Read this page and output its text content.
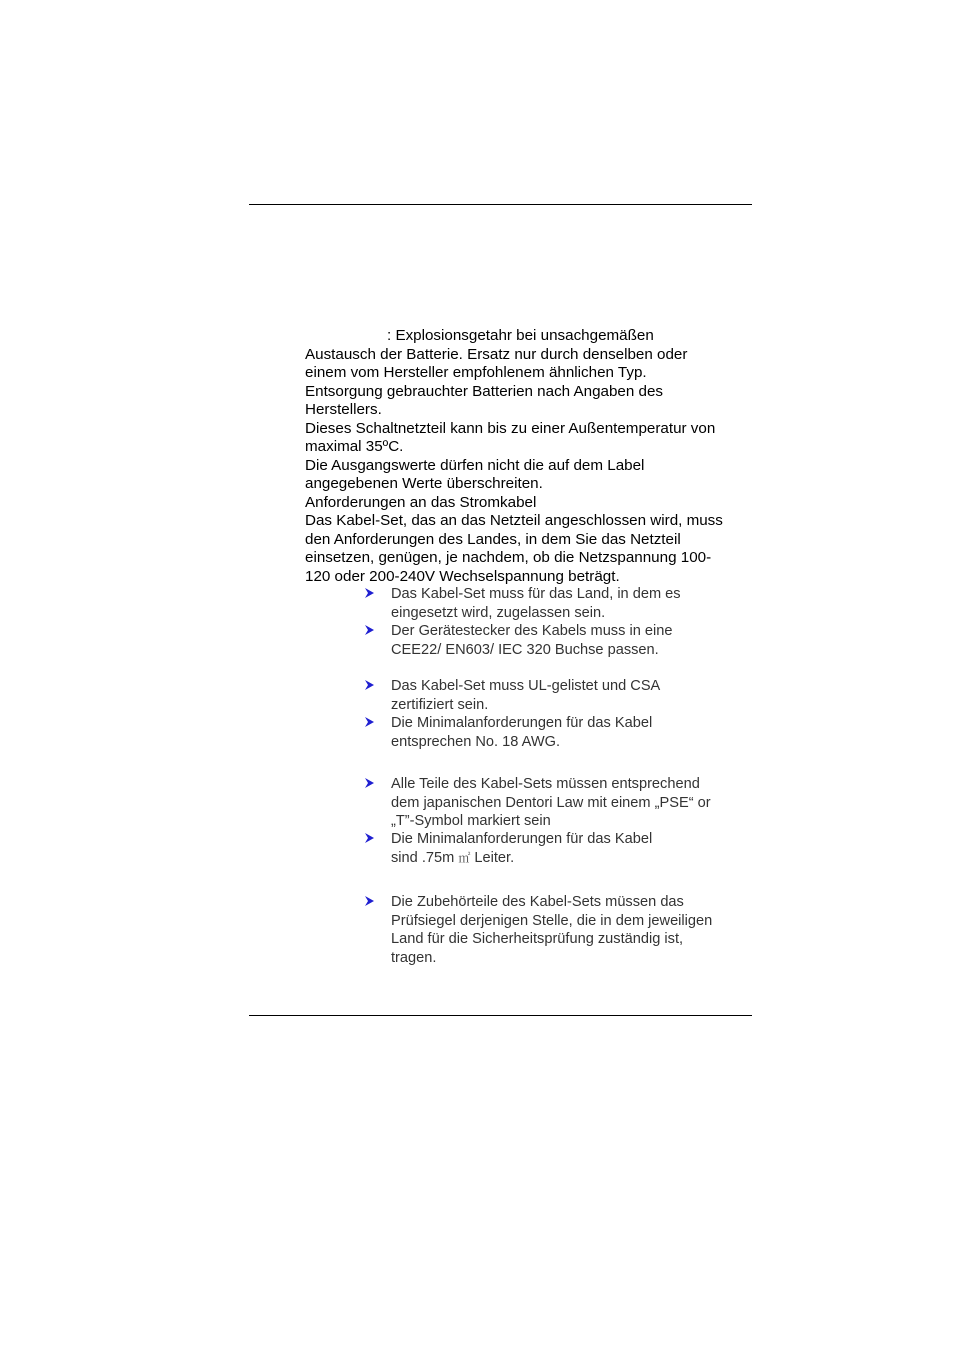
: Explosionsgetahr bei unsachgemäßen
Austausch der Batterie. Ersatz nur durch denselben oder
einem vom Hersteller empfohlenem ähnlichen Typ.
Entsorgung gebrauchter Batterien nach Angaben des
Herstellers.
Dieses Schaltnetzteil kann bis zu einer Außentemperatur von
maximal 35ºC.
Die Ausgangswerte dürfen nicht die auf dem Label
angegebenen Werte überschreiten.
Anforderungen an das Stromkabel
Das Kabel-Set, das an das Netzteil angeschlossen wird, muss
den Anforderungen des Landes, in dem Sie das Netzteil
einsetzen, genügen, je nachdem, ob die Netzspannung 100-
120 oder 200-240V Wechselspannung beträgt.
Das Kabel-Set muss für das Land, in dem es
eingesetzt wird, zugelassen sein.
Der Gerätestecker des Kabels muss in eine
CEE22/ EN603/ IEC 320 Buchse passen.
Das Kabel-Set muss UL-gelistet und CSA
zertifiziert sein.
Die Minimalanforderungen für das Kabel
entsprechen No. 18 AWG.
Alle Teile des Kabel-Sets müssen entsprechend
dem japanischen Dentori Law mit einem „PSE“ or
„T”-Symbol markiert sein
Die Minimalanforderungen für das Kabel
sind .75m ㎡ Leiter.
Die Zubehörteile des Kabel-Sets müssen das
Prüfsiegel derjenigen Stelle, die in dem jeweiligen
Land für die Sicherheitsprüfung zuständig ist,
tragen.
